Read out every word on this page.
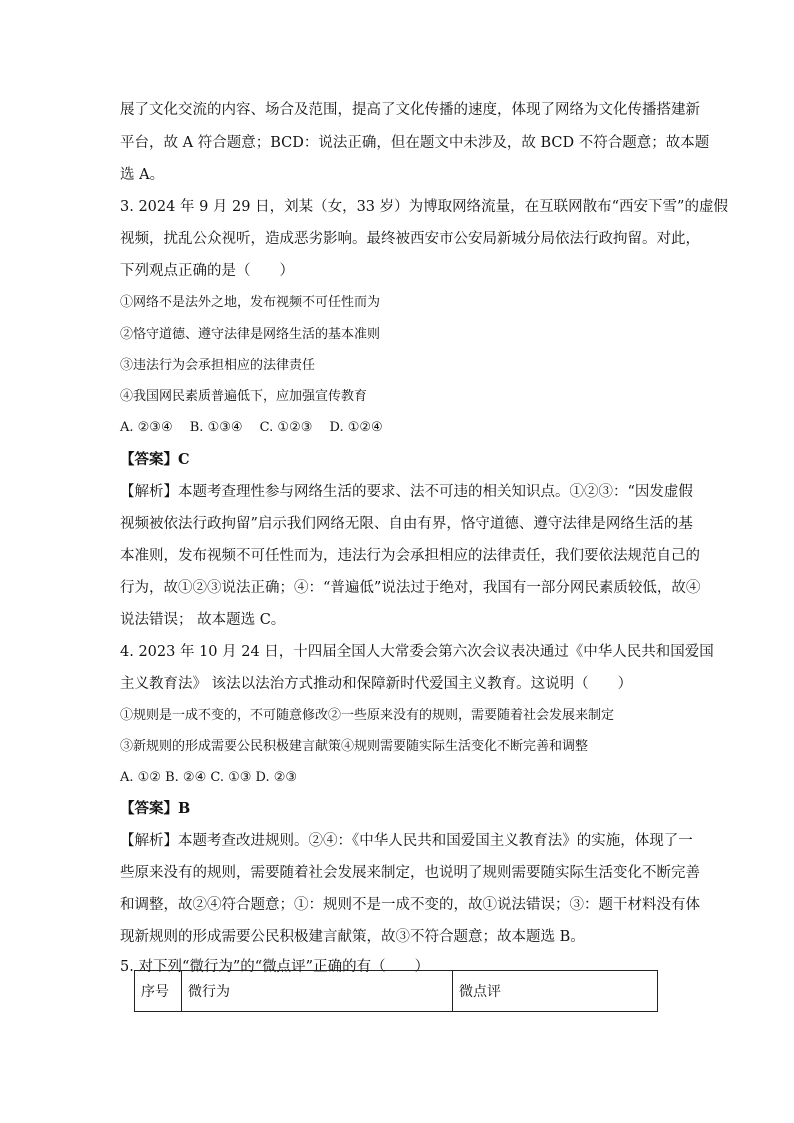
展了文化交流的内容、场合及范围，提高了文化传播的速度，体现了网络为文化传播搭建新
平台，故 A 符合题意；BCD：说法正确，但在题文中未涉及，故 BCD 不符合题意；故本题
选 A。
3. 2024 年 9 月 29 日，刘某（女，33 岁）为博取网络流量，在互联网散布“西安下雪”的虚假
视频，扰乱公众视听，造成恶劣影响。最终被西安市公安局新城分局依法行政拘留。对此，
下列观点正确的是（　　）
①网络不是法外之地，发布视频不可任性而为
②恪守道德、遵守法律是网络生活的基本准则
③违法行为会承担相应的法律责任
④我国网民素质普遍低下，应加强宣传教育
A. ②③④　 B. ①③④　 C. ①②③　 D. ①②④
【答案】C
【解析】本题考查理性参与网络生活的要求、法不可违的相关知识点。①②③：“因发虚假
视频被依法行政拘留”启示我们网络无限、自由有界，恪守道德、遵守法律是网络生活的基
本准则，发布视频不可任性而为，违法行为会承担相应的法律责任，我们要依法规范自己的
行为，故①②③说法正确；④：“普遍低”说法过于绝对，我国有一部分网民素质较低，故④
说法错误； 故本题选 C。
4. 2023 年 10 月 24 日，十四届全国人大常委会第六次会议表决通过《中华人民共和国爱国
主义教育法》 该法以法治方式推动和保障新时代爱国主义教育。这说明（　　）
①规则是一成不变的，不可随意修改②一些原来没有的规则，需要随着社会发展来制定
③新规则的形成需要公民积极建言献策④规则需要随实际生活变化不断完善和调整
A. ①② B. ②④ C. ①③ D. ②③
【答案】B
【解析】本题考查改进规则。②④：《中华人民共和国爱国主义教育法》的实施，体现了一
些原来没有的规则，需要随着社会发展来制定，也说明了规则需要随实际生活变化不断完善
和调整，故②④符合题意；①：规则不是一成不变的，故①说法错误；③：题干材料没有体
现新规则的形成需要公民积极建言献策，故③不符合题意；故本题选 B。
5. 对下列“微行为”的“微点评”正确的有（　　）
序号	微行为	微点评
